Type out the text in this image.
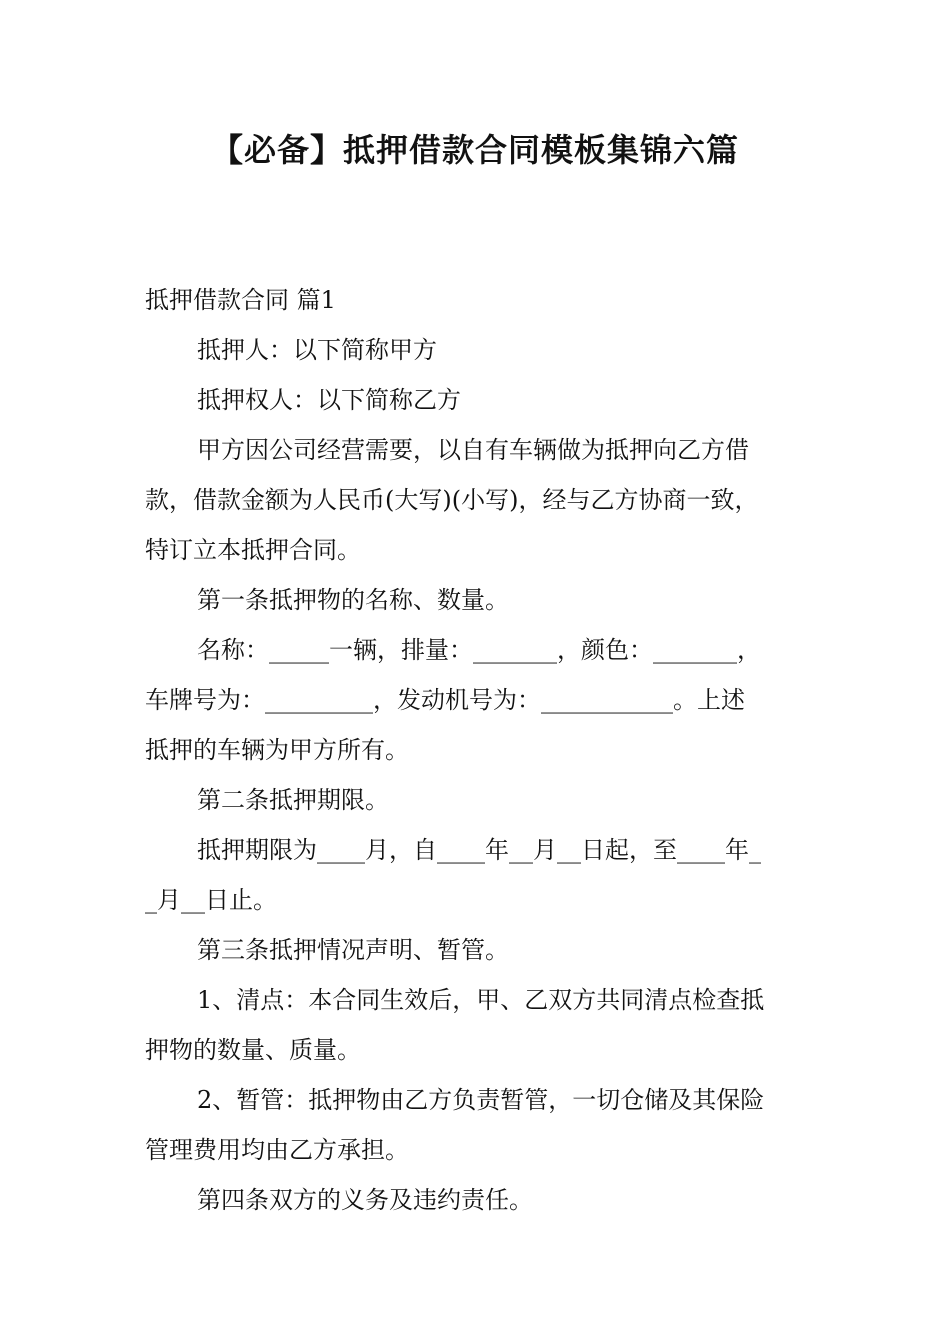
【必备】抵押借款合同模板集锦六篇

抵押借款合同 篇1

抵押人：以下简称甲方

抵押权人：以下简称乙方

甲方因公司经营需要，以自有车辆做为抵押向乙方借

款，借款金额为人民币(大写)(小写)，经与乙方协商一致，

特订立本抵押合同。

第一条抵押物的名称、数量。

名称：_____一辆，排量：_______，颜色：_______，

车牌号为：_________，发动机号为：___________。上述

抵押的车辆为甲方所有。

第二条抵押期限。

抵押期限为____月，自____年__月__日起，至____年_

_月__日止。

第三条抵押情况声明、暂管。

1、清点：本合同生效后，甲、乙双方共同清点检查抵

押物的数量、质量。

2、暂管：抵押物由乙方负责暂管，一切仓储及其保险

管理费用均由乙方承担。

第四条双方的义务及违约责任。
